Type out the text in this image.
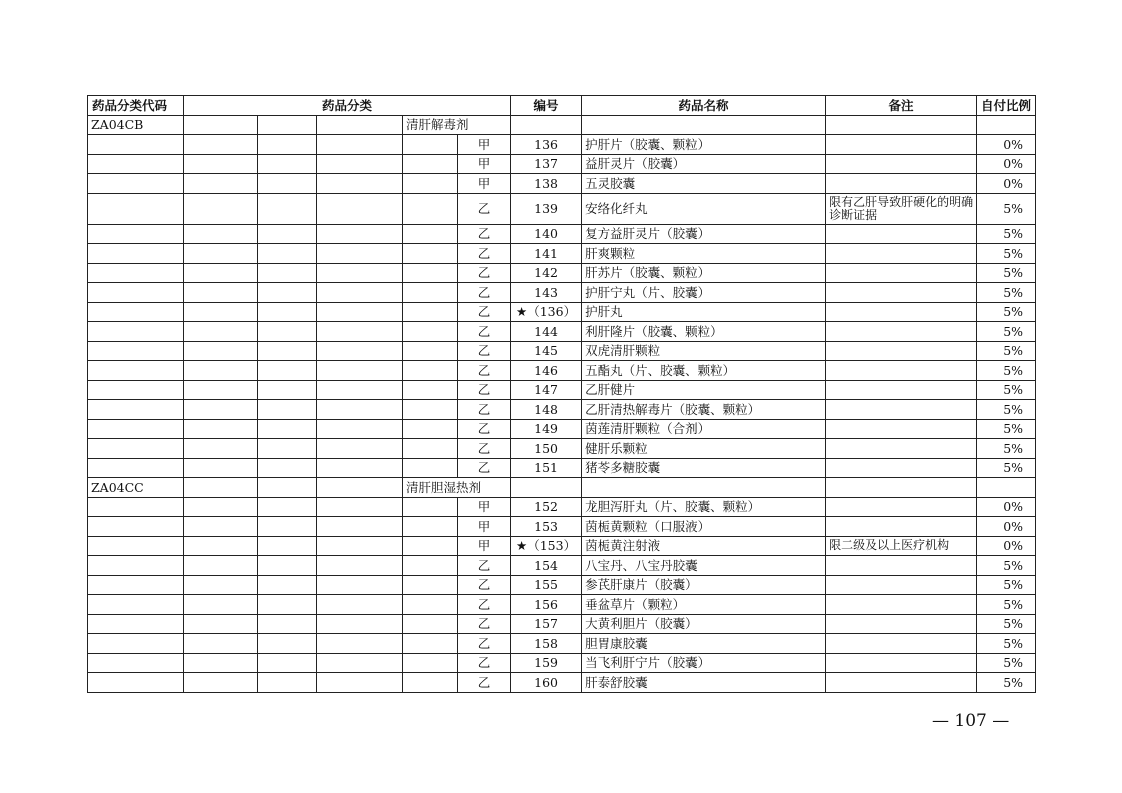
药品分类代码	药品分类					编号	药品名称	备注	自付比例
ZA04CB				清肝解毒剂					
					甲	136	护肝片（胶囊、颗粒）		0%
					甲	137	益肝灵片（胶囊）		0%
					甲	138	五灵胶囊		0%
					乙	139	安络化纤丸	限有乙肝导致肝硬化的明确诊断证据	5%
					乙	140	复方益肝灵片（胶囊）		5%
					乙	141	肝爽颗粒		5%
					乙	142	肝苏片（胶囊、颗粒）		5%
					乙	143	护肝宁丸（片、胶囊）		5%
					乙	★（136）	护肝丸		5%
					乙	144	利肝隆片（胶囊、颗粒）		5%
					乙	145	双虎清肝颗粒		5%
					乙	146	五酯丸（片、胶囊、颗粒）		5%
					乙	147	乙肝健片		5%
					乙	148	乙肝清热解毒片（胶囊、颗粒）		5%
					乙	149	茵莲清肝颗粒（合剂）		5%
					乙	150	健肝乐颗粒		5%
					乙	151	猪苓多糖胶囊		5%
ZA04CC				清肝胆湿热剂					
					甲	152	龙胆泻肝丸（片、胶囊、颗粒）		0%
					甲	153	茵栀黄颗粒（口服液）		0%
					甲	★（153）	茵栀黄注射液	限二级及以上医疗机构	0%
					乙	154	八宝丹、八宝丹胶囊		5%
					乙	155	参芪肝康片（胶囊）		5%
					乙	156	垂盆草片（颗粒）		5%
					乙	157	大黄利胆片（胶囊）		5%
					乙	158	胆胃康胶囊		5%
					乙	159	当飞利肝宁片（胶囊）		5%
					乙	160	肝泰舒胶囊		5%
— 107 —
